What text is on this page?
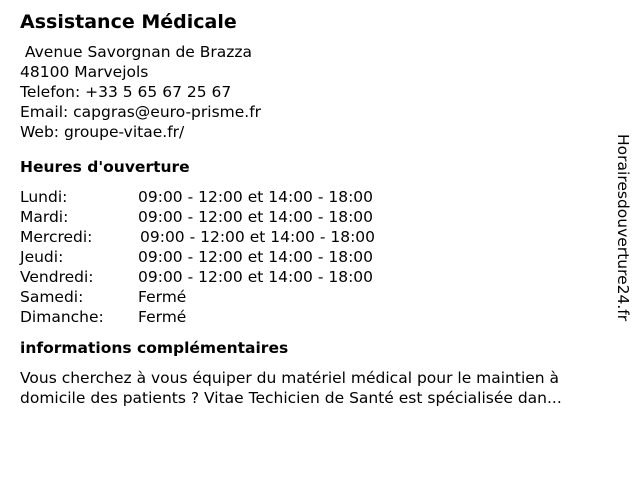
Assistance Médicale
Avenue Savorgnan de Brazza
48100 Marvejols
Telefon: +33 5 65 67 25 67
Email: capgras@euro-prisme.fr
Web: groupe-vitae.fr/
Heures d'ouverture
Lundi:	09:00 - 12:00 et 14:00 - 18:00
Mardi:	09:00 - 12:00 et 14:00 - 18:00
Mercredi:	09:00 - 12:00 et 14:00 - 18:00
Jeudi:	09:00 - 12:00 et 14:00 - 18:00
Vendredi:	09:00 - 12:00 et 14:00 - 18:00
Samedi:	Fermé
Dimanche: Fermé
informations complémentaires
Vous cherchez à vous équiper du matériel médical pour le maintien à domicile des patients ? Vitae Techicien de Santé est spécialisée dan...
Horairesdouverture24.fr
